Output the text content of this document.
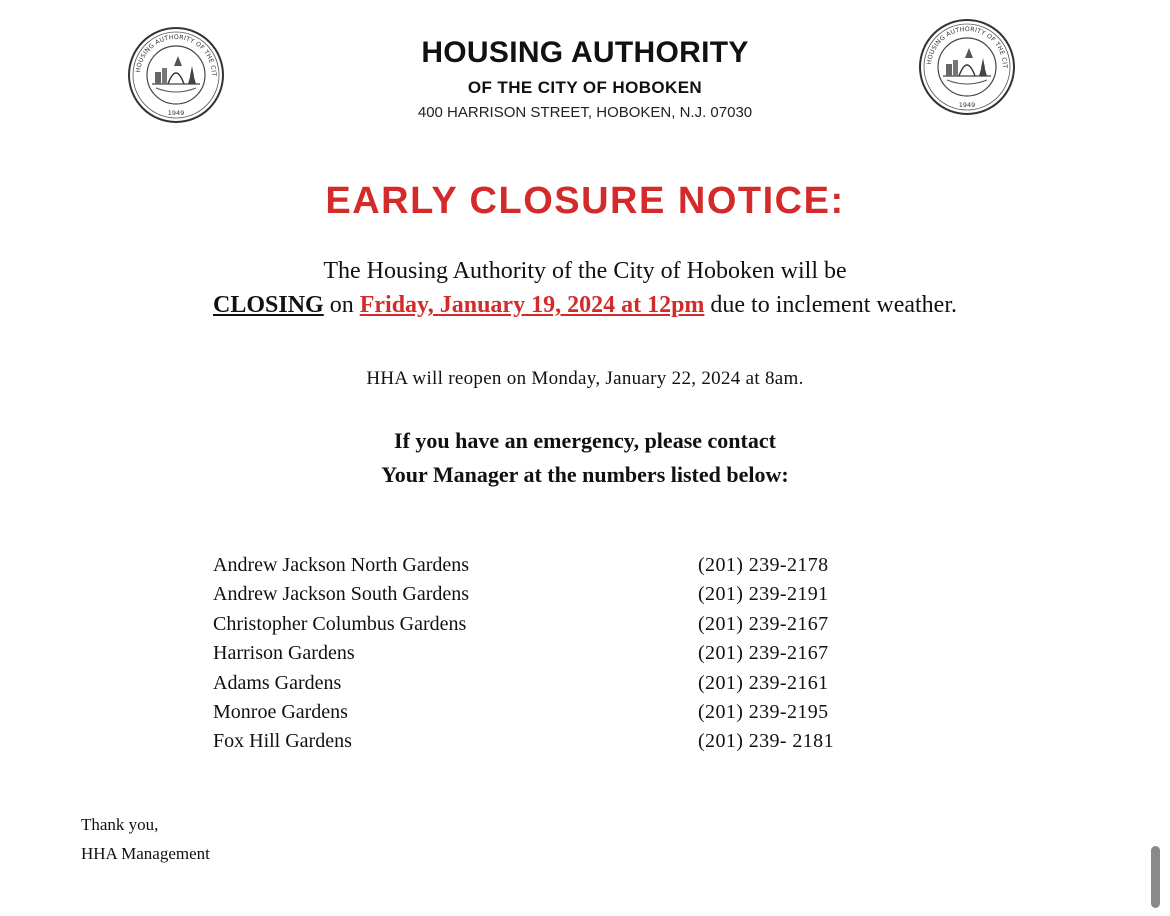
HOUSING AUTHORITY OF THE CIT
1949
HOUSING AUTHORITY OF THE CIT
1949
HOUSING AUTHORITY
OF THE CITY OF HOBOKEN
400 HARRISON STREET, HOBOKEN, N.J. 07030
EARLY CLOSURE NOTICE:
The Housing Authority of the City of Hoboken will be
CLOSING on Friday, January 19, 2024 at 12pm due to inclement weather.
HHA will reopen on Monday, January 22, 2024 at 8am.
If you have an emergency, please contact
Your Manager at the numbers listed below:
Andrew Jackson North Gardens	(201) 239-2178
Andrew Jackson South Gardens	(201) 239-2191
Christopher Columbus Gardens	(201) 239-2167
Harrison Gardens	(201) 239-2167
Adams Gardens	(201) 239-2161
Monroe Gardens	(201) 239-2195
Fox Hill Gardens	(201) 239- 2181
Thank you,
HHA Management
